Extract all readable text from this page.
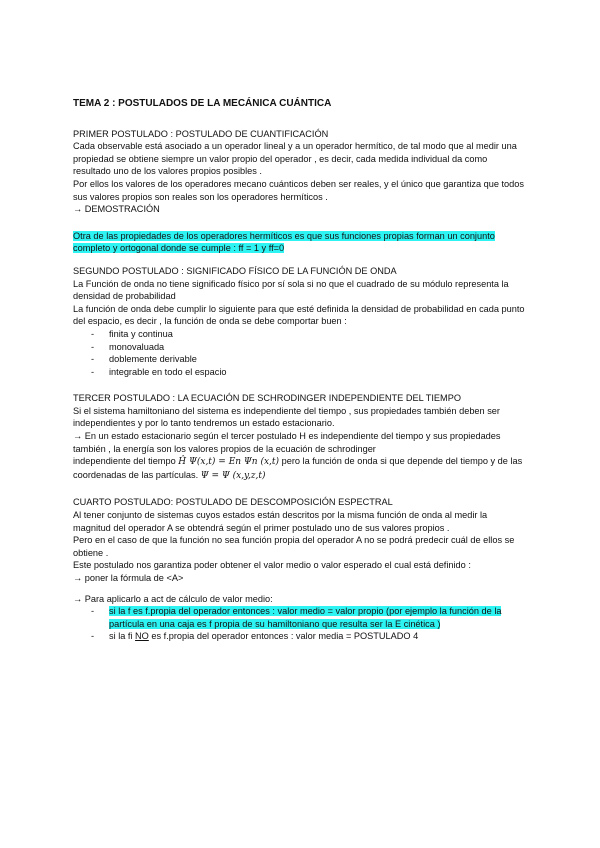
TEMA 2 : POSTULADOS DE LA MECÁNICA CUÁNTICA
PRIMER POSTULADO : POSTULADO DE CUANTIFICACIÓN
Cada observable está asociado a un operador lineal y a un operador hermítico, de tal modo que al medir una propiedad se obtiene siempre un valor propio del operador , es decir, cada medida individual da como resultado uno de los valores propios posibles .
Por ellos los valores de los operadores mecano cuánticos deben ser reales, y el único que garantiza que todos sus valores propios son reales son los operadores hermíticos .
→ DEMOSTRACIÓN
Otra de las propiedades de los operadores hermíticos es que sus funciones propias forman un conjunto completo y ortogonal donde se cumple : ff = 1 y ff=0
SEGUNDO POSTULADO : SIGNIFICADO FÍSICO DE LA FUNCIÓN DE ONDA
La Función de onda no tiene significado físico por sí sola si no que el cuadrado de su módulo representa la densidad de probabilidad
La función de onda debe cumplir lo siguiente para que esté definida la densidad de probabilidad en cada punto del espacio, es decir , la función de onda se debe comportar buen :
- finita y continua
- monovaluada
- doblemente derivable
- integrable en todo el espacio
TERCER POSTULADO : LA ECUACIÓN DE SCHRODINGER INDEPENDIENTE DEL TIEMPO
Si el sistema hamiltoniano del sistema es independiente del tiempo , sus propiedades también deben ser independientes y por lo tanto tendremos un estado estacionario.
→ En un estado estacionario según el tercer postulado H es independiente del tiempo y sus propiedades también , la energía son los valores propios de la ecuación de schrodinger
independiente del tiempo Ĥ Ψ(x,t) = En Ψn (x,t) pero la función de onda si que depende del tiempo y de las coordenadas de las partículas. Ψ = Ψ (x,y,z,t)
CUARTO POSTULADO: POSTULADO DE DESCOMPOSICIÓN ESPECTRAL
Al tener conjunto de sistemas cuyos estados están descritos por la misma función de onda al medir la magnitud del operador A se obtendrá según el primer postulado uno de sus valores propios .
Pero en el caso de que la función no sea función propia del operador A no se podrá predecir cuál de ellos se obtiene .
Este postulado nos garantiza poder obtener el valor medio o valor esperado el cual está definido :
→ poner la fórmula de <A>
→ Para aplicarlo a act de cálculo de valor medio:
- si la f es f.propia del operador entonces : valor medio = valor propio (por ejemplo la función de la partícula en una caja es f propia de su hamiltoniano que resulta ser la E cinética )
- si la fi NO es f.propia del operador entonces : valor media = POSTULADO 4
